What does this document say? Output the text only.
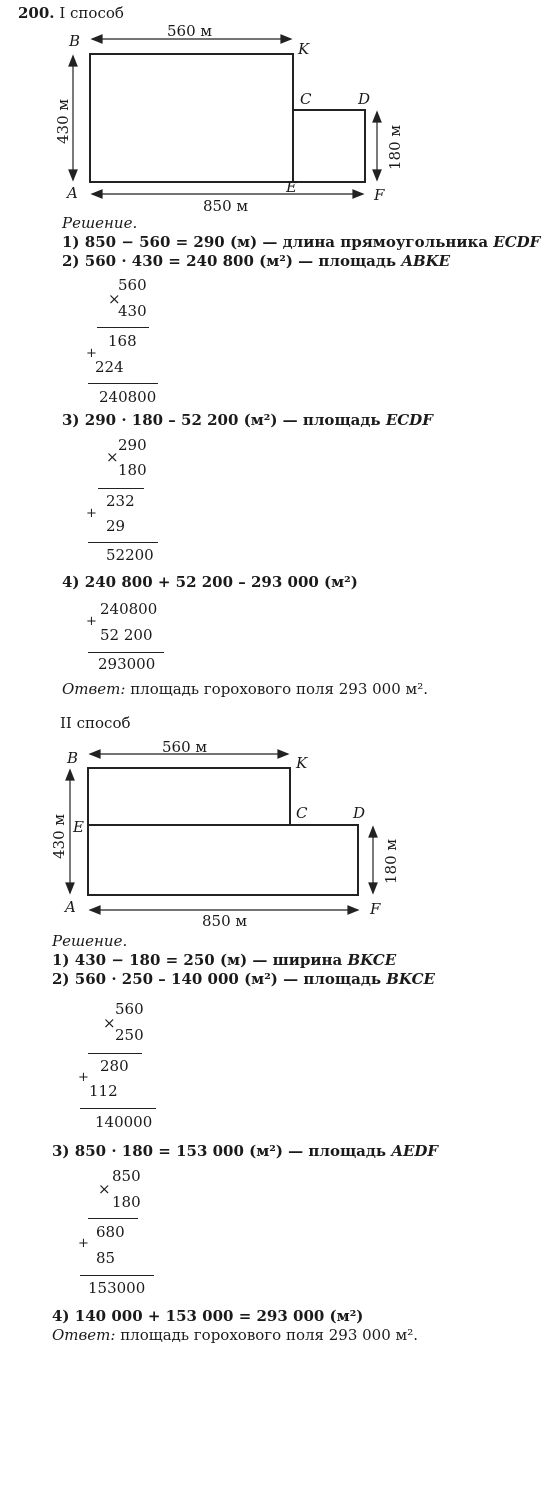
200. I способ
B	K
C	D
A	E	F
560 м
430 м
180 м
850 м
Решение.
1) 850 − 560 = 290 (м) — длина прямоугольника ECDF
2) 560 · 430 = 240 800 (м²) — площадь ABKE
560
×
430
168
+
224
240800
3) 290 · 180 – 52 200 (м²) — площадь ECDF
290
×
180
232
+
29
52200
4) 240 800 + 52 200 – 293 000 (м²)
240800
+
52 200
293000
Ответ: площадь горохового поля 293 000 м².
II способ
B	K
C	D
E
A	F
560 м
430 м
180 м
850 м
Решение.
1) 430 − 180 = 250 (м) — ширина BKCE
2) 560 · 250 – 140 000 (м²) — площадь BKCE
560
×
250
280
+
112
140000
3) 850 · 180 = 153 000 (м²) — площадь AEDF
850
×
180
680
+
85
153000
4) 140 000 + 153 000 = 293 000 (м²)
Ответ: площадь горохового поля 293 000 м².
